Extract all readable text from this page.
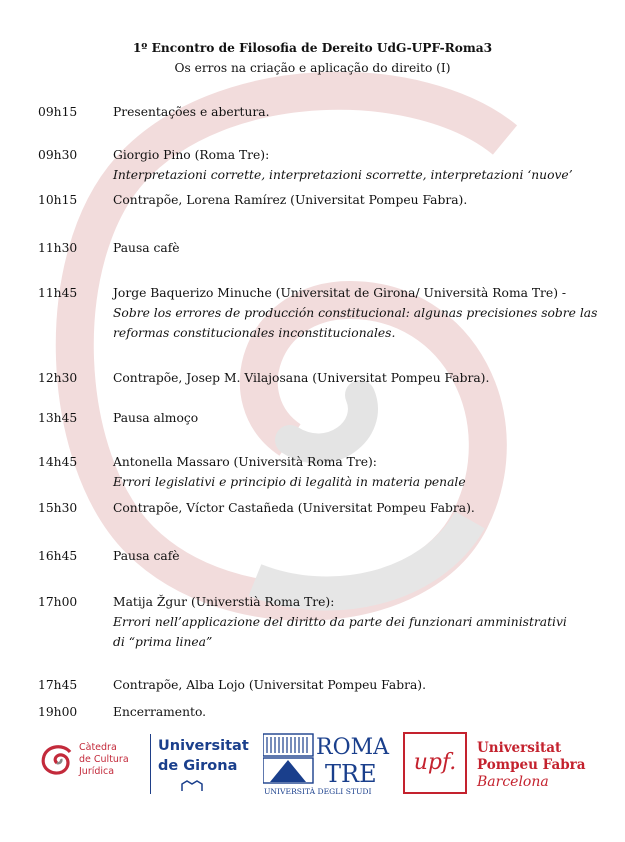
1º Encontro de Filosofia de Dereito UdG-UPF-Roma3
Os erros na criação e aplicação do direito (I)
09h15	Presentações e abertura.
09h30	Giorgio Pino (Roma Tre):
Interpretazioni corrette, interpretazioni scorrette, interpretazioni ‘nuove’
10h15	Contrapõe, Lorena Ramírez (Universitat Pompeu Fabra).
11h30	Pausa cafè
11h45	Jorge Baquerizo Minuche (Universitat de Girona/ Università Roma Tre) -
Sobre los errores de producción constitucional: algunas precisiones sobre las
reformas constitucionales inconstitucionales.
12h30	Contrapõe, Josep M. Vilajosana (Universitat Pompeu Fabra).
13h45	Pausa almoço
14h45	Antonella Massaro (Università Roma Tre):
Errori legislativi e principio di legalità in materia penale
15h30	Contrapõe, Víctor Castañeda (Universitat Pompeu Fabra).
16h45	Pausa cafè
17h00	Matija Žgur (Universtià Roma Tre):
Errori nell’applicazione del diritto da parte dei funzionari amministrativi
di “prima linea”
17h45	Contrapõe, Alba Lojo (Universitat Pompeu Fabra).
19h00	Encerramento.
Càtedra
de Cultura
Jurídica
Universitat
de Girona
ROMA
TRE
UNIVERSITÀ DEGLI STUDI
upf.
Universitat
Pompeu Fabra
Barcelona
